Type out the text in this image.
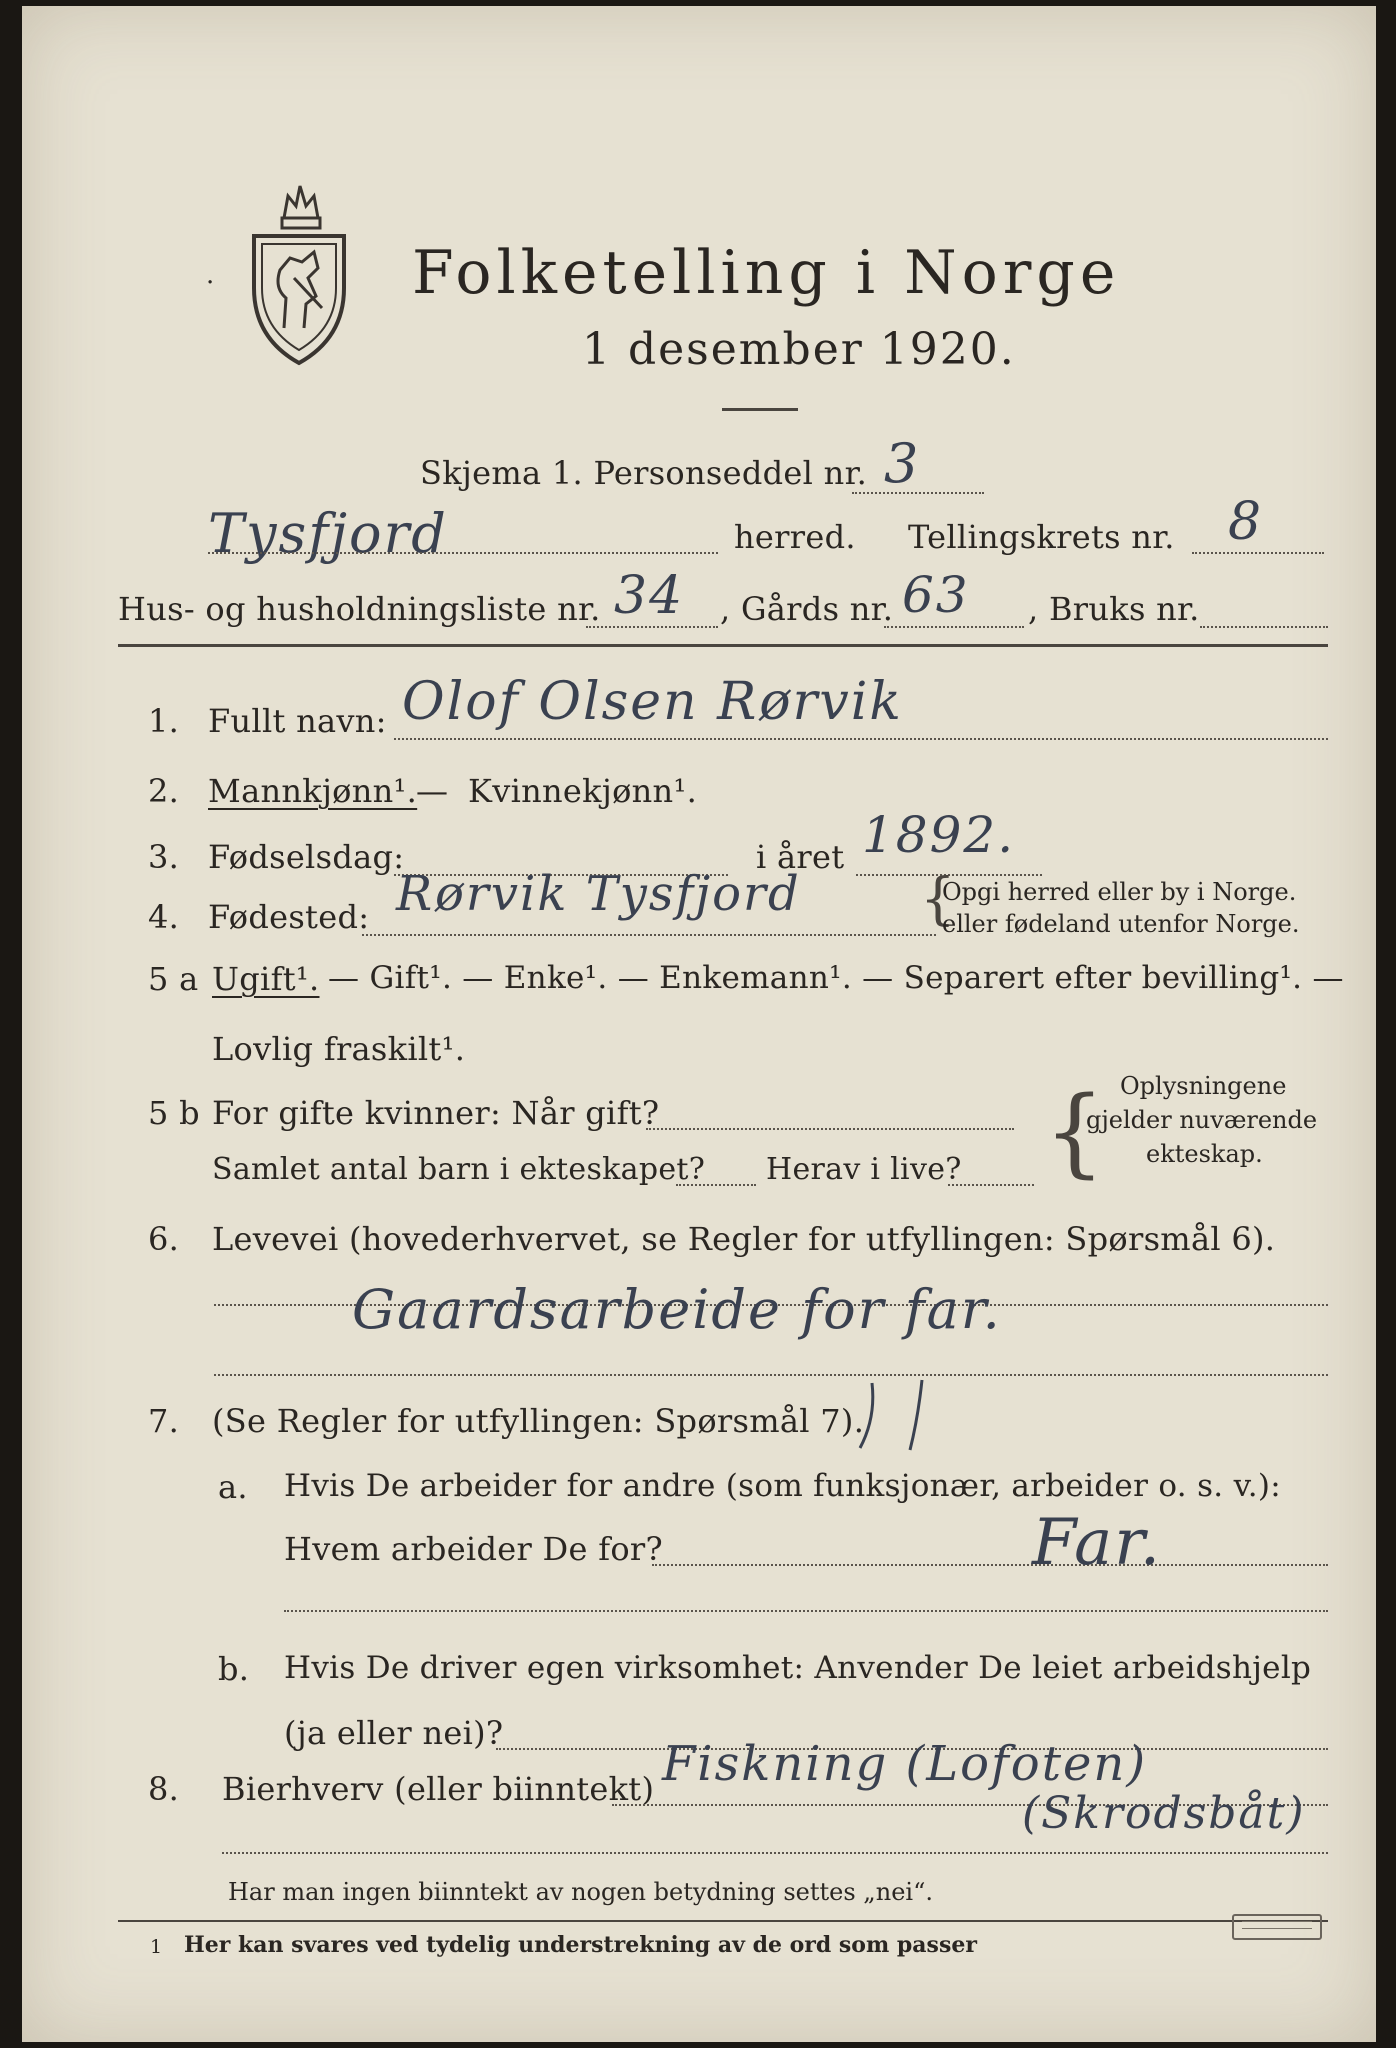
·	Folketelling i Norge
1 desember 1920.
Skjema 1. Personseddel nr. 3
Tysfjord	herred. Tellingskrets nr. 8
Hus- og husholdningsliste nr. 34 , Gårds nr. 63 , Bruks nr.
1. Fullt navn: Olof Olsen Rørvik
2. Mannkjønn¹.
— Kvinnekjønn¹.
3. Fødselsdag:	i året 1892.
4. Fødested: Rørvik Tysfjord {
Opgi herred eller by i Norge.
eller fødeland utenfor Norge.
5 a Ugift¹. — Gift¹. — Enke¹. — Enkemann¹. — Separert efter bevilling¹. —
Lovlig fraskilt¹.
5 b For gifte kvinner: Når gift?
Samlet antal barn i ekteskapet? Herav i live? { Oplysningene
gjelder nuværende
ekteskap.
6. Levevei (hovederhvervet, se Regler for utfyllingen: Spørsmål 6).
Gaardsarbeide for far.
7. (Se Regler for utfyllingen: Spørsmål 7).
a. Hvis De arbeider for andre (som funksjonær, arbeider o. s. v.):
Hvem arbeider De for?	Far.
b. Hvis De driver egen virksomhet: Anvender De leiet arbeidshjelp
(ja eller nei)?
8. Bierhverv (eller biinntekt) Fiskning (Lofoten)
(Skrodsbåt)
Har man ingen biinntekt av nogen betydning settes „nei“.
1 Her kan svares ved tydelig understrekning av de ord som passer
